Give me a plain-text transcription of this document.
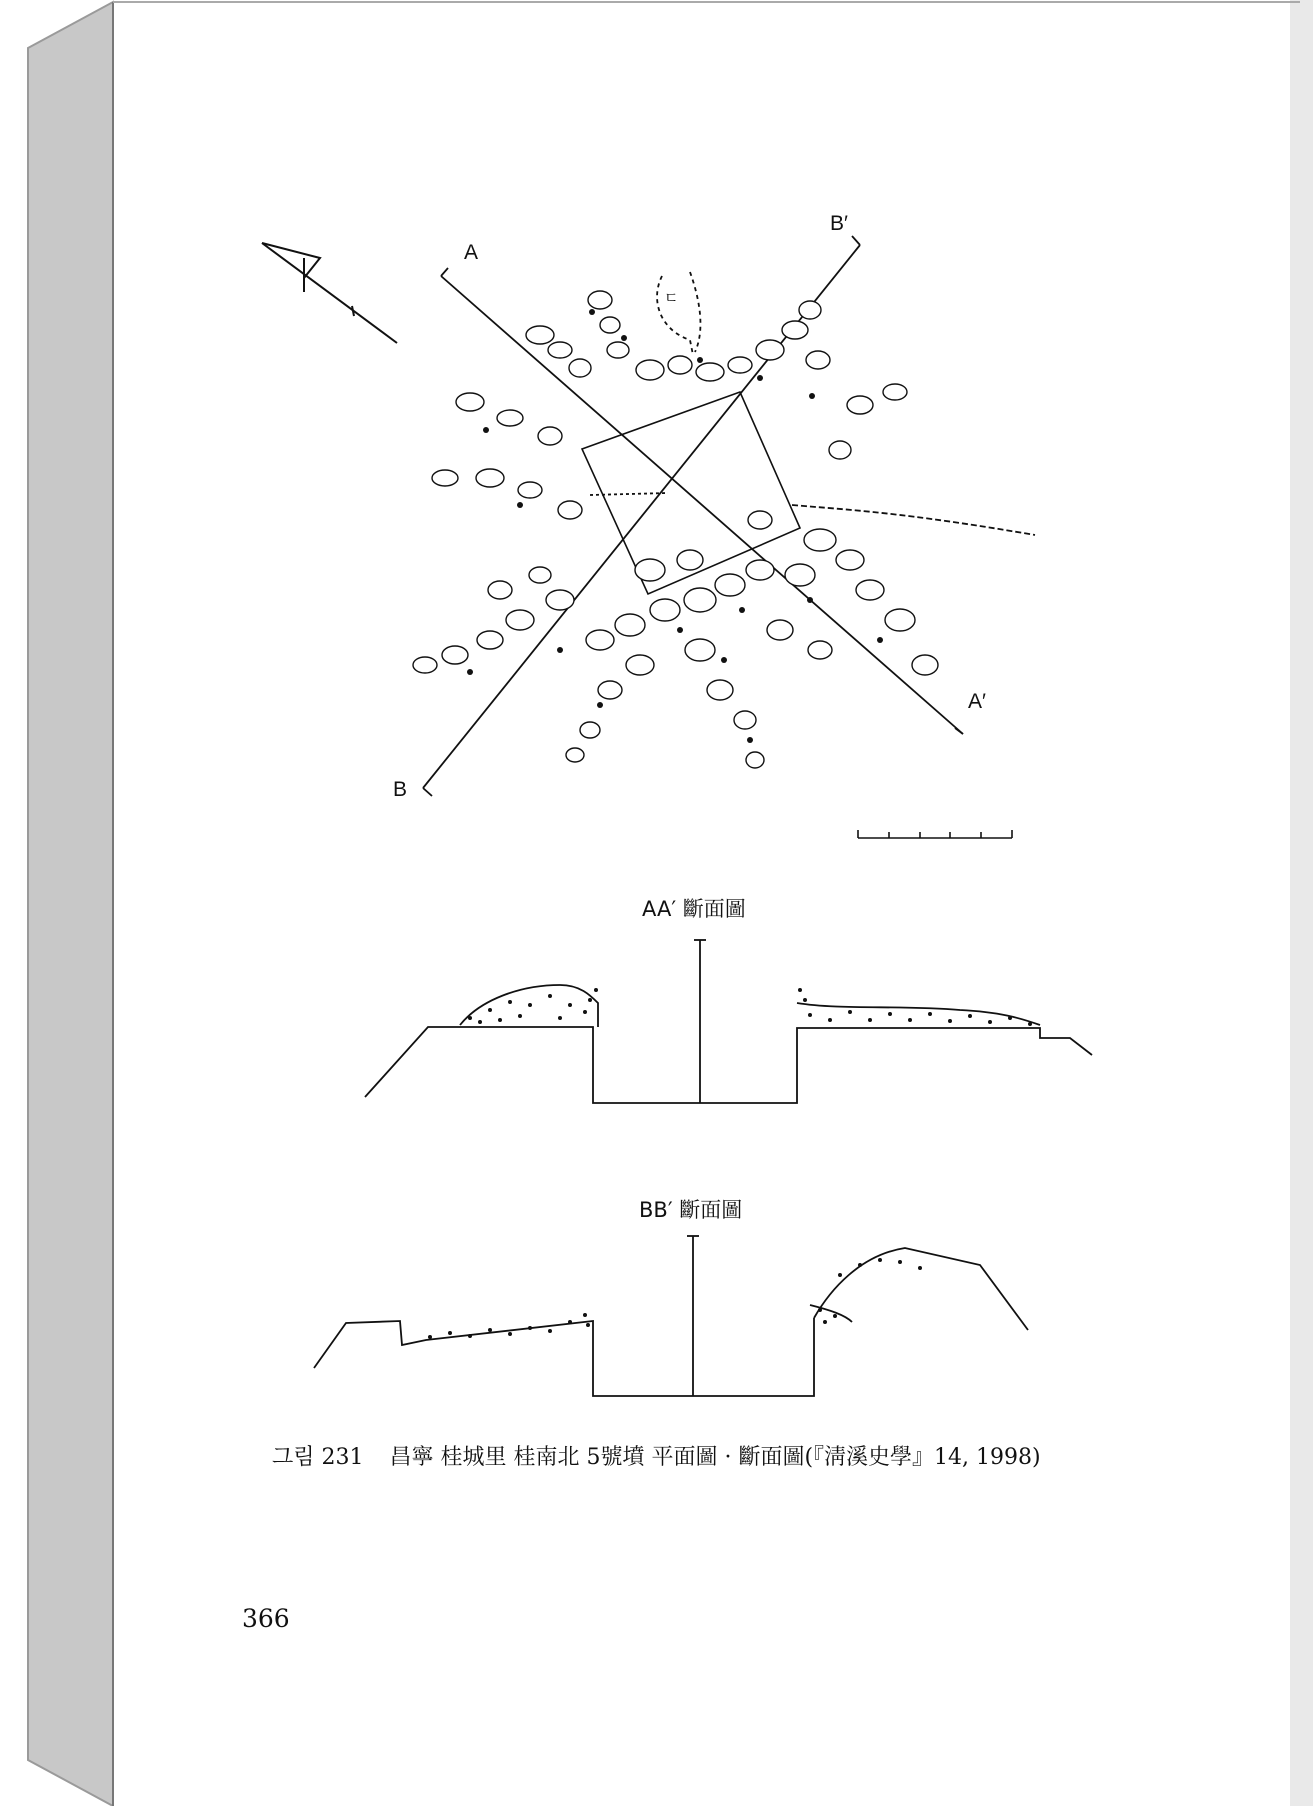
A
B′
A′
B
ㄷ
AA′ 斷面圖
BB′ 斷面圖
그림 231 昌寧 桂城里 桂南北 5號墳 平面圖 · 斷面圖(『淸溪史學』14, 1998)
366
